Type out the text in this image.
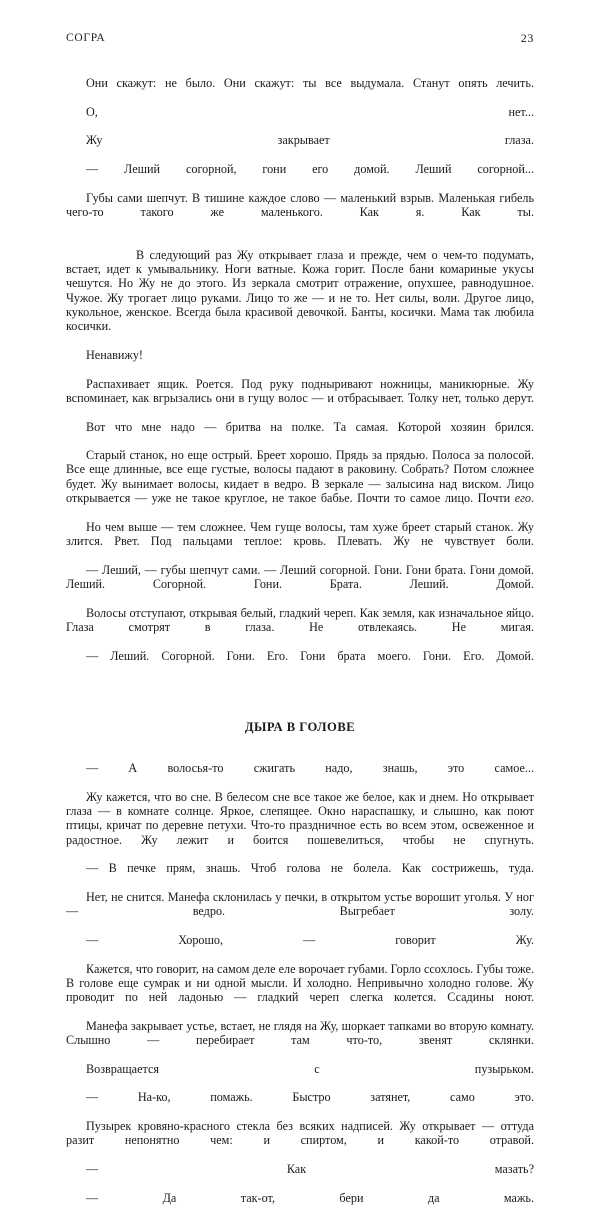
СОГРА	23

Они скажут: не было. Они скажут: ты все выдумала. Станут опять лечить.

О, нет...

Жу закрывает глаза.

— Леший согорной, гони его домой. Леший согорной...

Губы сами шепчут. В тишине каждое слово — маленький взрыв. Маленькая гибель чего-то такого же маленького. Как я. Как ты.

В следующий раз Жу открывает глаза и прежде, чем о чем-то подумать, встает, идет к умывальнику. Ноги ватные. Кожа горит. После бани комариные укусы чешутся. Но Жу не до этого. Из зеркала смотрит отражение, опухшее, равнодушное. Чужое. Жу трогает лицо руками. Лицо то же — и не то. Нет силы, воли. Другое лицо, кукольное, женское. Всегда была красивой девочкой. Банты, косички. Мама так любила косички.

Ненавижу!

Распахивает ящик. Роется. Под руку подныривают ножницы, маникюрные. Жу вспоминает, как вгрызались они в гущу волос — и отбрасывает. Толку нет, только дерут.

Вот что мне надо — бритва на полке. Та самая. Которой хозяин брился.

Старый станок, но еще острый. Бреет хорошо. Прядь за прядью. Полоса за полосой. Все еще длинные, все еще густые, волосы падают в раковину. Собрать? Потом сложнее будет. Жу вынимает волосы, кидает в ведро. В зеркале — залысина над виском. Лицо открывается — уже не такое круглое, не такое бабье. Почти то самое лицо. Почти его.

Но чем выше — тем сложнее. Чем гуще волосы, там хуже бреет старый станок. Жу злится. Рвет. Под пальцами теплое: кровь. Плевать. Жу не чувствует боли.

— Леший, — губы шепчут сами. — Леший согорной. Гони. Гони брата. Гони домой. Леший. Согорной. Гони. Брата. Леший. Домой.

Волосы отступают, открывая белый, гладкий череп. Как земля, как изначальное яйцо. Глаза смотрят в глаза. Не отвлекаясь. Не мигая.

— Леший. Согорной. Гони. Его. Гони брата моего. Гони. Его. Домой.

ДЫРА В ГОЛОВЕ

— А волосья-то сжигать надо, знашь, это самое...

Жу кажется, что во сне. В белесом сне все такое же белое, как и днем. Но открывает глаза — в комнате солнце. Яркое, слепящее. Окно нараспашку, и слышно, как поют птицы, кричат по деревне петухи. Что-то праздничное есть во всем этом, освеженное и радостное. Жу лежит и боится пошевелиться, чтобы не спугнуть.

— В печке прям, знашь. Чтоб голова не болела. Как сострижешь, туда.

Нет, не снится. Манефа склонилась у печки, в открытом устье ворошит уголья. У ног — ведро. Выгребает золу.

— Хорошо, — говорит Жу.

Кажется, что говорит, на самом деле еле ворочает губами. Горло ссохлось. Губы тоже. В голове еще сумрак и ни одной мысли. И холодно. Непривычно холодно голове. Жу проводит по ней ладонью — гладкий череп слегка колется. Ссадины ноют.

Манефа закрывает устье, встает, не глядя на Жу, шоркает тапками во вторую комнату. Слышно — перебирает там что-то, звенят склянки.

Возвращается с пузырьком.

— На-ко, помажь. Быстро затянет, само это.

Пузырек кровяно-красного стекла без всяких надписей. Жу открывает — оттуда разит непонятно чем: и спиртом, и какой-то отравой.

— Как мазать?

— Да так-от, бери да мажь.
